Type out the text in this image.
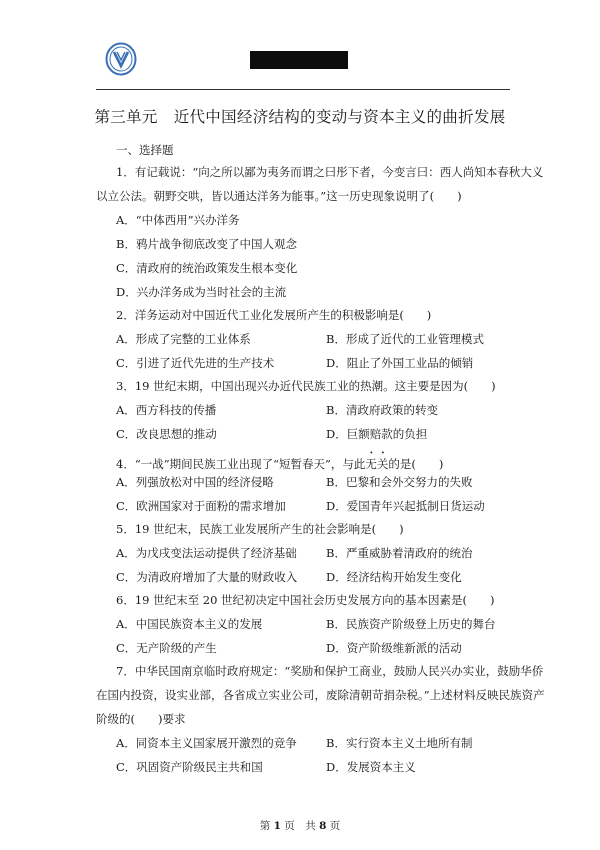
第三单元 近代中国经济结构的变动与资本主义的曲折发展
一、选择题
1．有记载说：“向之所以鄙为夷务而谓之曰彤下者，今变言曰：西人尚知本春秋大义
以立公法。朝野交哄，皆以通达洋务为能事。”这一历史现象说明了(　　)
A．“中体西用”兴办洋务
B．鸦片战争彻底改变了中国人观念
C．清政府的统治政策发生根本变化
D．兴办洋务成为当时社会的主流
2．洋务运动对中国近代工业化发展所产生的积极影响是(　　)
A．形成了完整的工业体系	B．形成了近代的工业管理模式
C．引进了近代先进的生产技术	D．阻止了外国工业品的倾销
3．19 世纪末期，中国出现兴办近代民族工业的热潮。这主要是因为(　　)
A．西方科技的传播	B．清政府政策的转变
C．改良思想的推动	D．巨额赔款的负担
4．“一战”期间民族工业出现了“短暂春天”，与此无关的是(　　)
A．列强放松对中国的经济侵略	B．巴黎和会外交努力的失败
C．欧洲国家对于面粉的需求增加	D．爱国青年兴起抵制日货运动
5．19 世纪末，民族工业发展所产生的社会影响是(　　)
A．为戊戌变法运动提供了经济基础	B．严重威胁着清政府的统治
C．为清政府增加了大量的财政收入 D．经济结构开始发生变化
6．19 世纪末至 20 世纪初决定中国社会历史发展方向的基本因素是(　　)
A．中国民族资本主义的发展	B．民族资产阶级登上历史的舞台
C．无产阶级的产生	D．资产阶级维新派的活动
7．中华民国南京临时政府规定：“奖励和保护工商业，鼓励人民兴办实业，鼓励华侨
在国内投资，设实业部，各省成立实业公司，废除清朝苛捐杂税。”上述材料反映民族资产
阶级的(　　)要求
A．同资本主义国家展开激烈的竞争	B．实行资本主义土地所有制
C．巩固资产阶级民主共和国	D．发展资本主义
第 1 页　共 8 页
